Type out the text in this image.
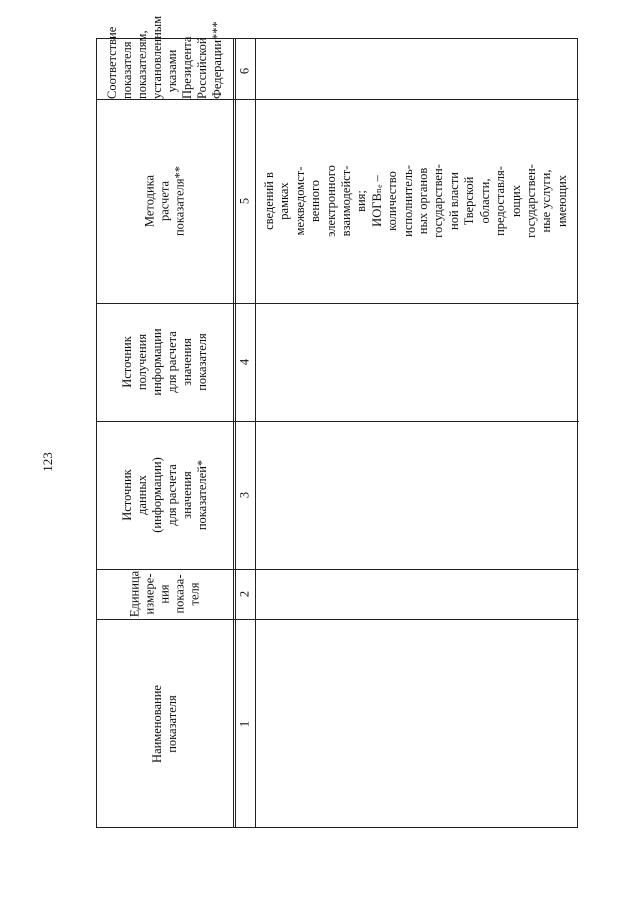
123
Соответствие
показателя
показателям,
установленным
указами Президента
Российской
Федерации***
Методика
расчета
показателя**
Источник
получения
информации
для расчета
значения
показателя
Источник
данных
(информации)
для расчета
значения
показателей*
Единица
измере-
ния
показа-
теля
Наименование показателя
6
5
4
3
2
1
сведений в
рамках
межведомст-
венного
электронного
взаимодейст-
вия;
ИОГВₙₑ –
количество
исполнитель-
ных органов
государствен-
ной власти
Тверской
области,
предоставля-
ющих
государствен-
ные услуги,
имеющих
